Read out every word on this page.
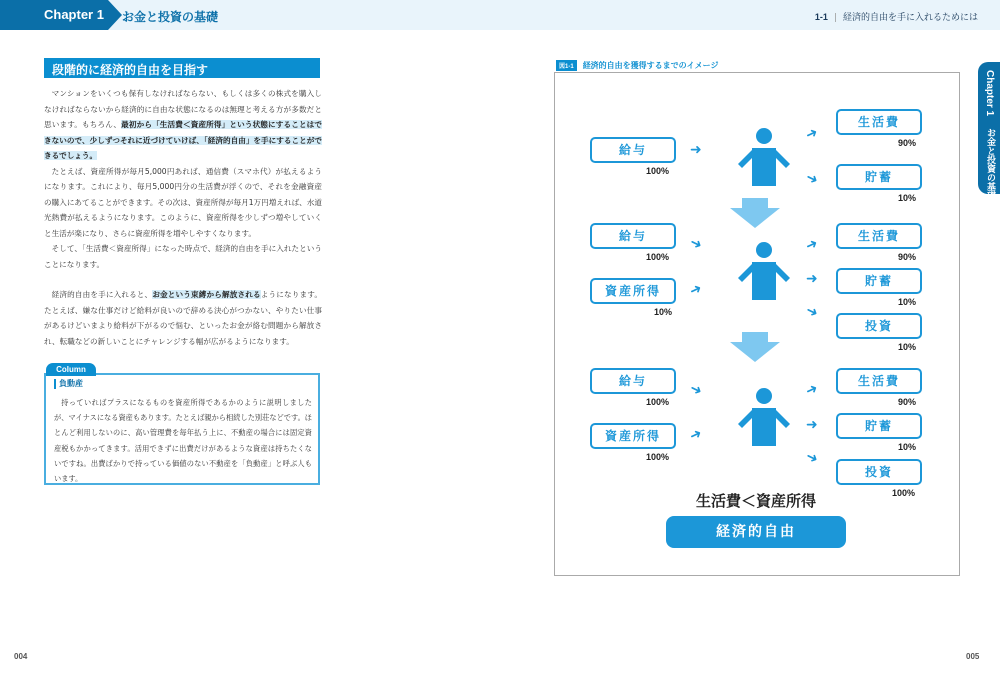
Chapter 1 お金と投資の基礎	1-1 | 経済的自由を手に入れるためには
段階的に経済的自由を目指す

マンションをいくつも保有しなければならない、もしくは多くの株式を購入しなければならないから経済的に自由な状態になるのは無理と考える方が多数だと思います。もちろん、最初から「生活費＜資産所得」という状態にすることはできないので、少しずつそれに近づけていけば、「経済的自由」を手にすることができるでしょう。

たとえば、資産所得が毎月5,000円あれば、通信費（スマホ代）が払えるようになります。これにより、毎月5,000円分の生活費が浮くので、それを金融資産の購入にあてることができます。その次は、資産所得が毎月1万円増えれば、水道光熱費が払えるようになります。このように、資産所得を少しずつ増やしていくと生活が楽になり、さらに資産所得を増やしやすくなります。

そして、「生活費＜資産所得」になった時点で、経済的自由を手に入れたということになります。

経済的自由を手に入れると、お金という束縛から解放されるようになります。たとえば、嫌な仕事だけど給料が良いので辞める決心がつかない、やりたい仕事があるけどいまより給料が下がるので悩む、といったお金が絡む問題から解放され、転職などの新しいことにチャレンジする幅が広がるようになります。

Column
負動産

持っていればプラスになるものを資産所得であるかのように説明しましたが、マイナスになる資産もあります。たとえば親から相続した別荘などです。ほとんど利用しないのに、高い管理費を毎年払う上に、不動産の場合には固定資産税もかかってきます。活用できずに出費だけがあるような資産は持ちたくないですね。出費ばかりで持っている価値のない不動産を「負動産」と呼ぶ人もいます。

004
図1-1 経済的自由を獲得するまでのイメージ
給与
100%
➜
➜
➜
生活費
90%
貯蓄
10%
給与
100%
資産所得
10%
➜
➜
➜
➜
➜
生活費
90%
貯蓄
10%
投資
10%
給与
100%
資産所得
100%
➜
➜
➜
➜
➜
生活費
90%
貯蓄
10%
投資
100%
生活費＜資産所得
経済的自由
Chapter 1
お金と投資の基礎
005
